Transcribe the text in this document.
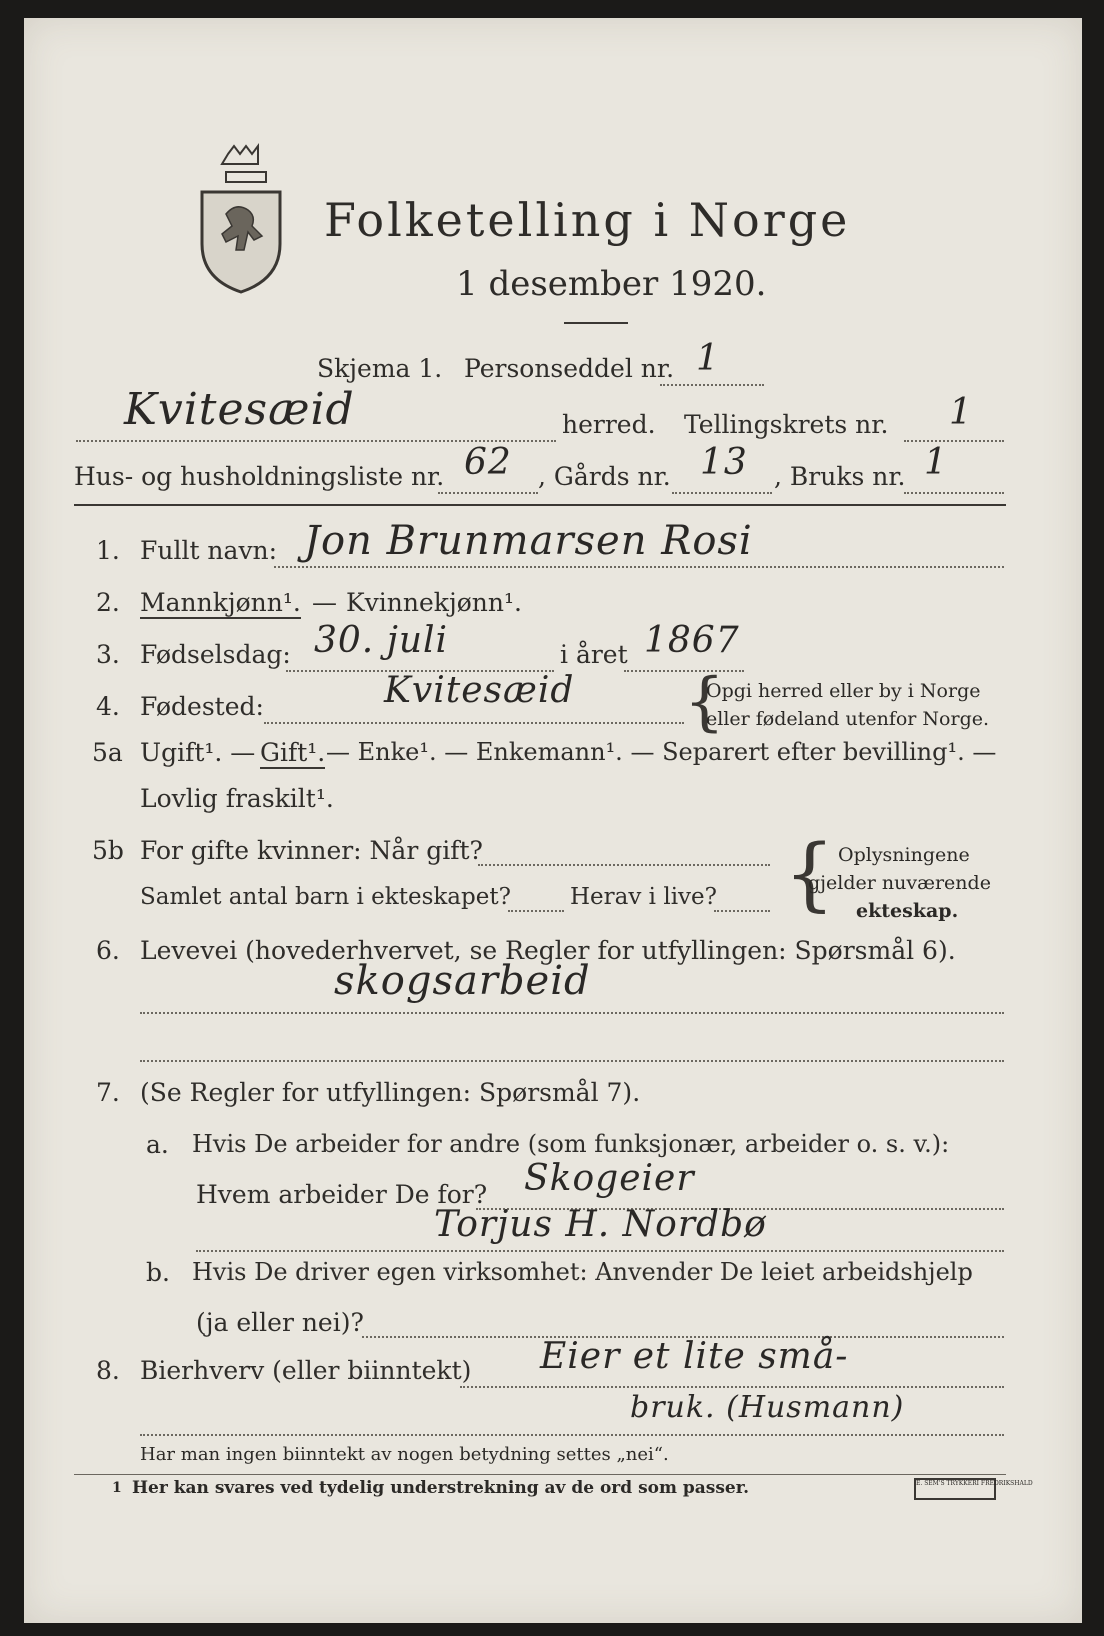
Folketelling i Norge
1 desember 1920.
Skjema 1. Personseddel nr. 1
Kvitesæid	herred. Tellingskrets nr. 1
Hus- og husholdningsliste nr. 62 , Gårds nr. 13 , Bruks nr. 1
1. Fullt navn: Jon Brunmarsen Rosi
2. Mannkjønn¹. — Kvinnekjønn¹.
3. Fødselsdag: 30. juli	i året 1867
4. Fødested:	Kvitesæid {
Opgi herred eller by i Norge
eller fødeland utenfor Norge.
5a Ugift¹. — Gift¹. — Enke¹. — Enkemann¹. — Separert efter bevilling¹. —
Lovlig fraskilt¹.
5b For gifte kvinner: Når gift?
Samlet antal barn i ekteskapet?	Herav i live? { Oplysningene
gjelder nuværende
ekteskap.
6. Levevei (hovederhvervet, se Regler for utfyllingen: Spørsmål 6).
skogsarbeid
7. (Se Regler for utfyllingen: Spørsmål 7).
a. Hvis De arbeider for andre (som funksjonær, arbeider o. s. v.):
Hvem arbeider De for? Skogeier
Torjus H. Nordbø
b. Hvis De driver egen virksomhet: Anvender De leiet arbeidshjelp
(ja eller nei)?
8. Bierhverv (eller biinntekt) Eier et lite små-
bruk. (Husmann)
Har man ingen biinntekt av nogen betydning settes „nei“.
1 Her kan svares ved tydelig understrekning av de ord som passer.	E. SEM'S TRYKKERI FREDRIKSHALD
